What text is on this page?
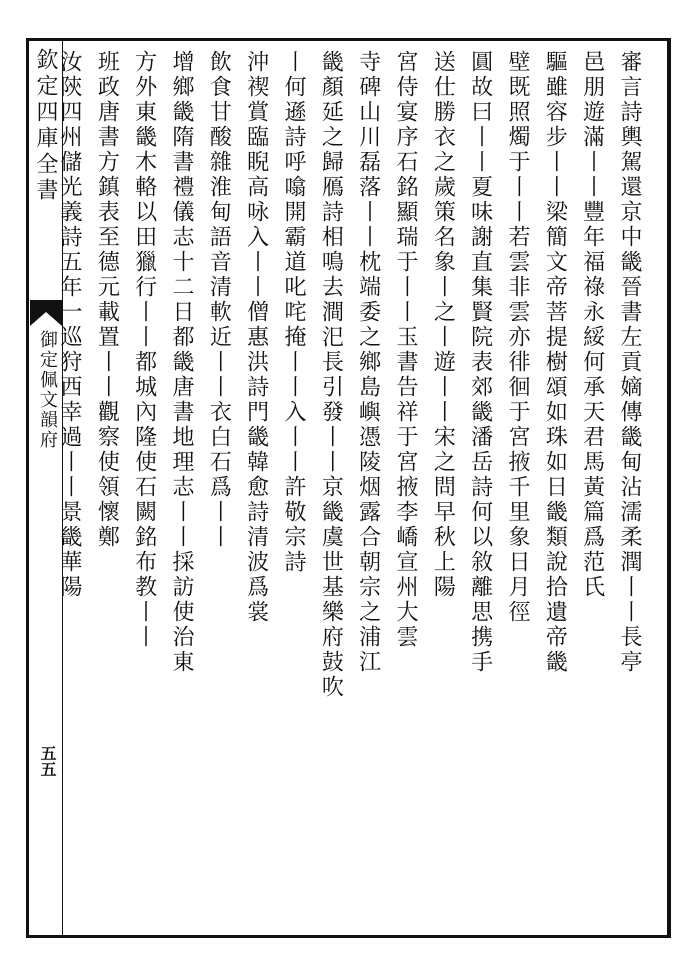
欽定四庫全書
御定佩文韻府
五五
審言詩輿駕還京中畿晉書左貢嫡傳畿甸沾濡柔潤丨丨長亭
邑朋遊滿丨丨豐年福祿永綏何承天君馬黃篇爲范氏
驅雖容步丨丨梁簡文帝菩提樹頌如珠如日畿類說拾遺帝畿
壁既照燭于丨丨若雲非雲亦徘徊于宮掖千里象日月徑
圓故曰丨丨夏味謝直集賢院表郊畿潘岳詩何以敘離思携手
送仕勝衣之歲策名象丨之丨遊丨丨宋之問早秋上陽
宮侍宴序石銘顯瑞于丨丨玉書告祥于宮掖李嶠宣州大雲
寺碑山川磊落丨丨枕端委之鄉島嶼憑陵烟露合朝宗之浦江
畿顏延之歸鴈詩相鳴去澗汜長引發丨丨京畿虞世基樂府鼓吹
丨何遜詩呼噏開霸道叱咤掩丨丨入丨丨許敬宗詩
沖禊賞臨睨高咏入丨丨僧惠洪詩門畿韓愈詩清波爲裳
飲食甘酸雜淮甸語音清軟近丨丨衣白石爲丨丨
增鄉畿隋書禮儀志十二日都畿唐書地理志丨丨採訪使治東
方外東畿木輅以田獵行丨丨都城內隆使石闕銘布教丨丨
班政唐書方鎮表至德元載置丨丨觀察使領懷鄭
汝陝四州儲光義詩五年一巡狩西幸過丨丨景畿華陽
